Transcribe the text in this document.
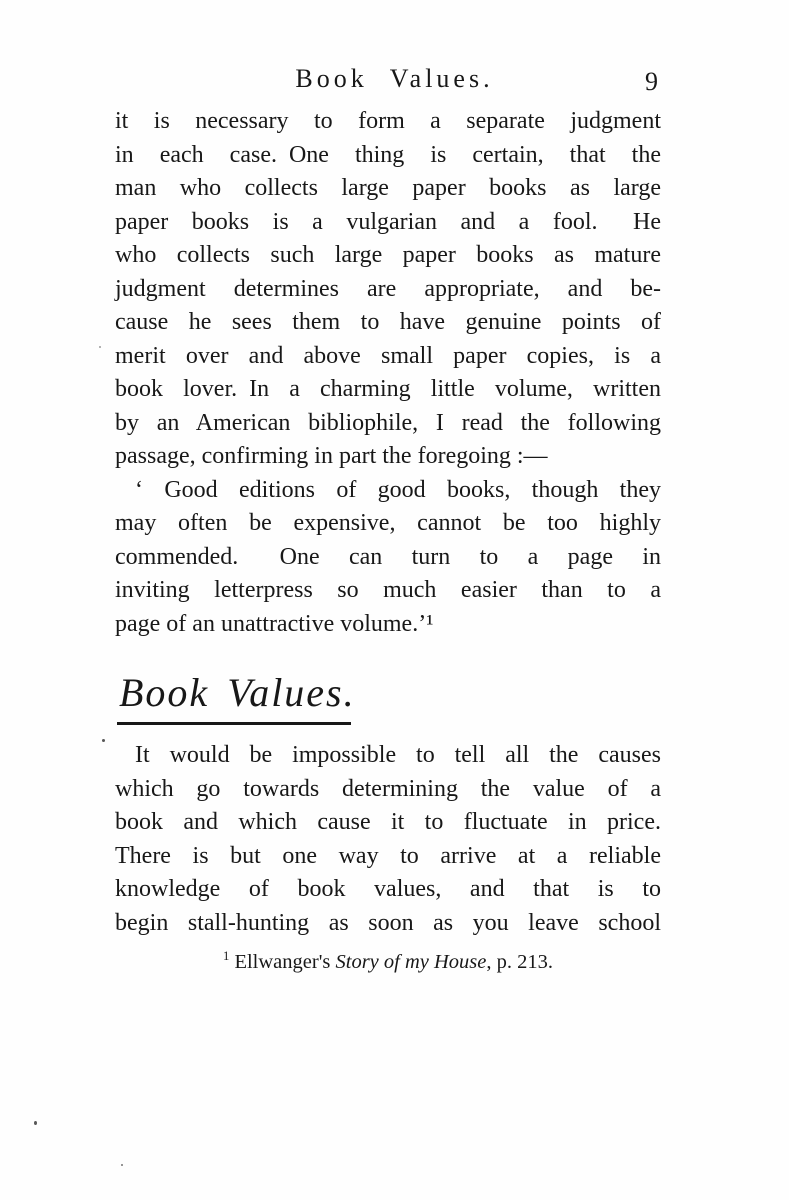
Book Values.	9
it is necessary to form a separate judgment
in each case. One thing is certain, that the
man who collects large paper books as large
paper books is a vulgarian and a fool.  He
who collects such large paper books as mature
judgment determines are appropriate, and be-
cause he sees them to have genuine points of
merit over and above small paper copies, is a
book lover. In a charming little volume, written
by an American bibliophile, I read the following
passage, confirming in part the foregoing :—
‘ Good editions of good books, though they
may often be expensive, cannot be too highly
commended.  One can turn to a page in
inviting letterpress so much easier than to a
page of an unattractive volume.’¹
Book Values.
It would be impossible to tell all the causes
which go towards determining the value of a
book and which cause it to fluctuate in price.
There is but one way to arrive at a reliable
knowledge of book values, and that is to
begin stall-hunting as soon as you leave school
$^1$ Ellwanger's Story of my House, p. 213.
